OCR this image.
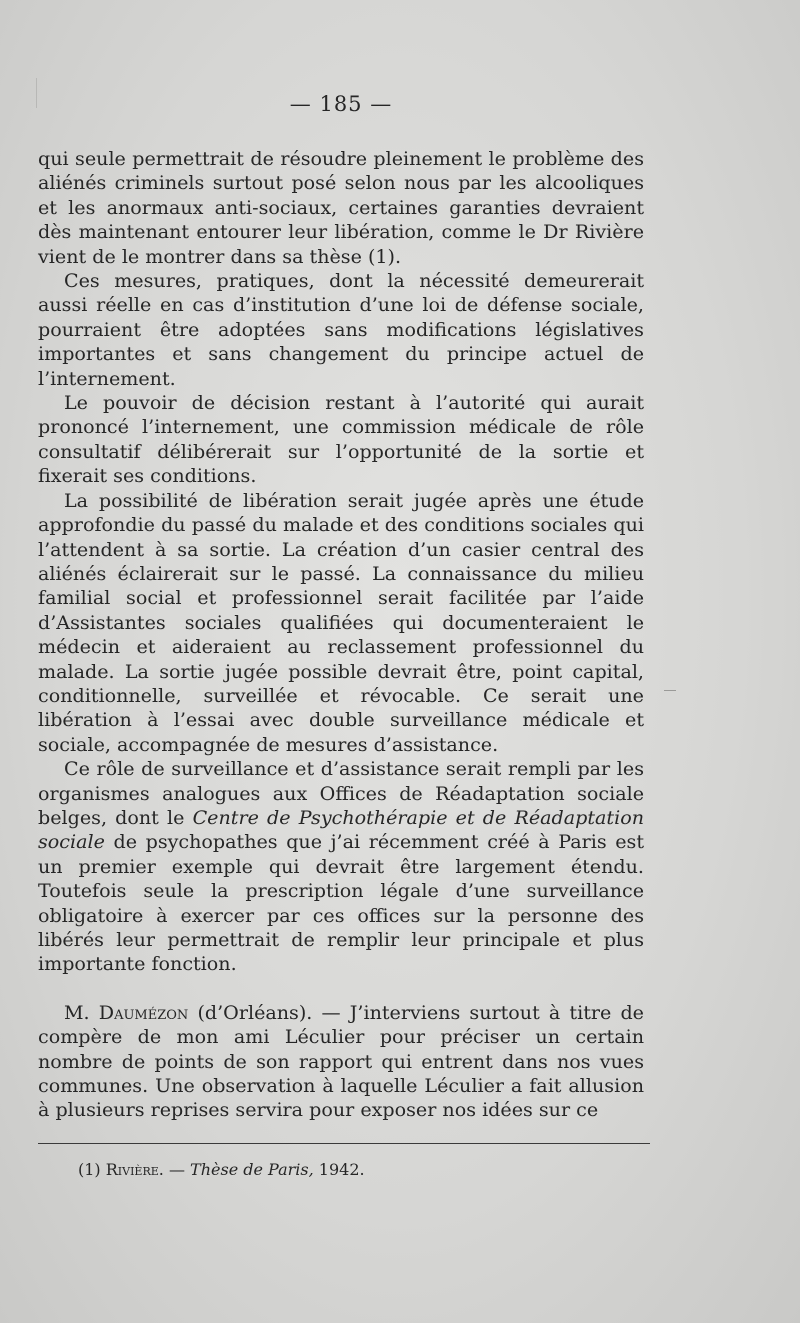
— 185 —

qui seule permettrait de résoudre pleinement le problème des aliénés criminels surtout posé selon nous par les alcooliques et les anormaux anti-sociaux, certaines garanties devraient dès maintenant entourer leur libération, comme le Dr Rivière vient de le montrer dans sa thèse (1).

Ces mesures, pratiques, dont la nécessité demeurerait aussi réelle en cas d’institution d’une loi de défense sociale, pourraient être adoptées sans modifications législatives importantes et sans changement du principe actuel de l’internement.

Le pouvoir de décision restant à l’autorité qui aurait prononcé l’internement, une commission médicale de rôle consultatif délibérerait sur l’opportunité de la sortie et fixerait ses conditions.

La possibilité de libération serait jugée après une étude approfondie du passé du malade et des conditions sociales qui l’attendent à sa sortie. La création d’un casier central des aliénés éclairerait sur le passé. La connaissance du milieu familial social et professionnel serait facilitée par l’aide d’Assistantes sociales qualifiées qui documenteraient le médecin et aideraient au reclassement professionnel du malade. La sortie jugée possible devrait être, point capital, conditionnelle, surveillée et révocable. Ce serait une libération à l’essai avec double surveillance médicale et sociale, accompagnée de mesures d’assistance.

Ce rôle de surveillance et d’assistance serait rempli par les organismes analogues aux Offices de Réadaptation sociale belges, dont le Centre de Psychothérapie et de Réadaptation sociale de psychopathes que j’ai récemment créé à Paris est un premier exemple qui devrait être largement étendu. Toutefois seule la prescription légale d’une surveillance obligatoire à exercer par ces offices sur la personne des libérés leur permettrait de remplir leur principale et plus importante fonction.

M. Daumézon (d’Orléans). — J’interviens surtout à titre de compère de mon ami Léculier pour préciser un certain nombre de points de son rapport qui entrent dans nos vues communes. Une observation à laquelle Léculier a fait allusion à plusieurs reprises servira pour exposer nos idées sur ce

(1) Rivière. — Thèse de Paris, 1942.
